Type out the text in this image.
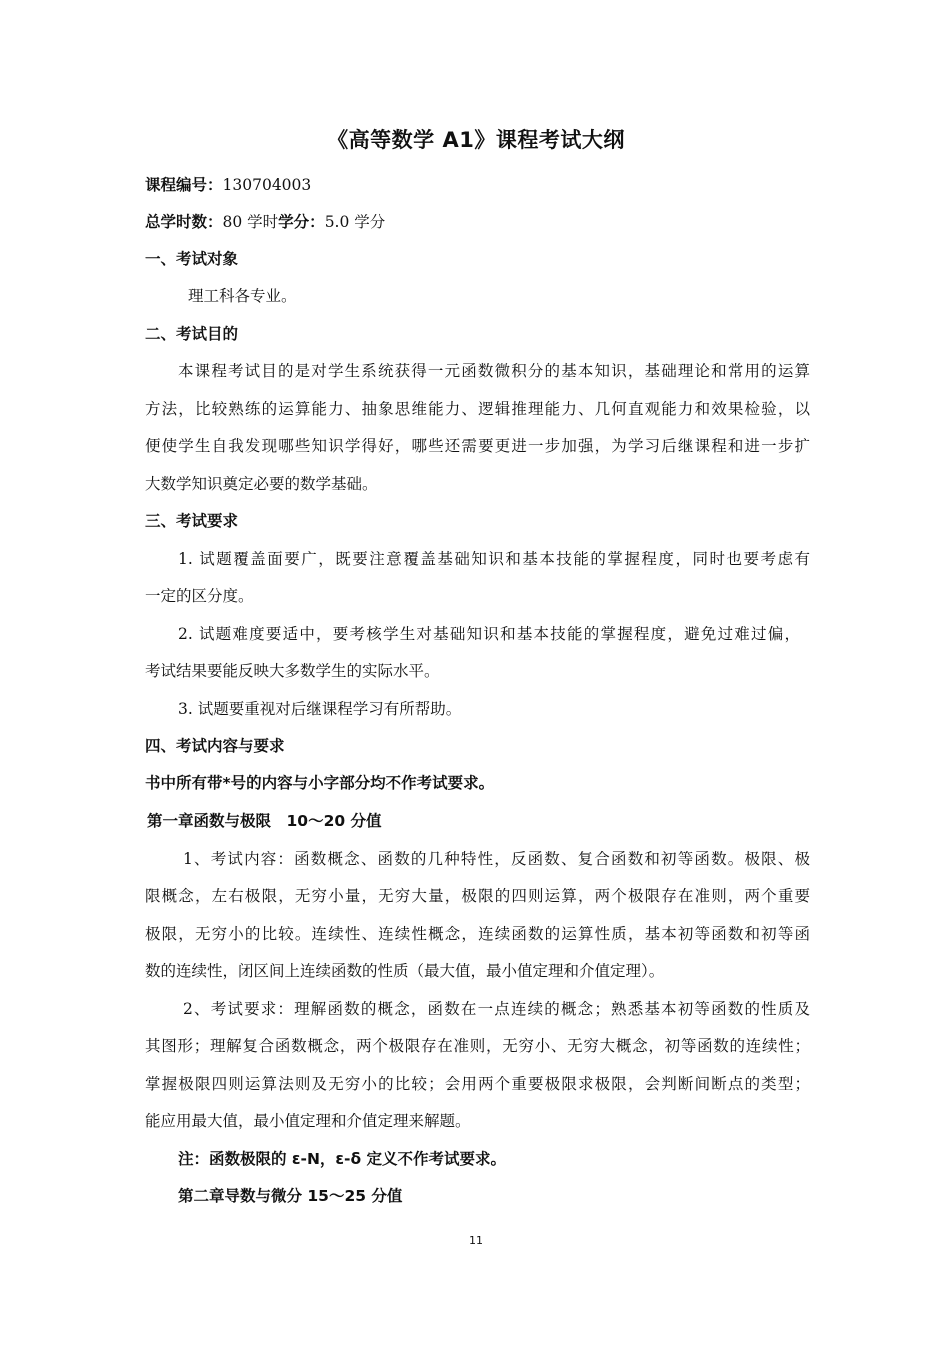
《高等数学 A1》课程考试大纲
课程编号：130704003
总学时数：80 学时学分：5.0 学分
一、考试对象
理工科各专业。
二、考试目的
本课程考试目的是对学生系统获得一元函数微积分的基本知识，基础理论和常用的运算
方法，比较熟练的运算能力、抽象思维能力、逻辑推理能力、几何直观能力和效果检验，以
便使学生自我发现哪些知识学得好，哪些还需要更进一步加强，为学习后继课程和进一步扩
大数学知识奠定必要的数学基础。
三、考试要求
1. 试题覆盖面要广，既要注意覆盖基础知识和基本技能的掌握程度，同时也要考虑有
一定的区分度。
2. 试题难度要适中，要考核学生对基础知识和基本技能的掌握程度，避免过难过偏，
考试结果要能反映大多数学生的实际水平。
3. 试题要重视对后继课程学习有所帮助。
四、考试内容与要求
书中所有带*号的内容与小字部分均不作考试要求。
第一章函数与极限　10～20 分值
1、考试内容：函数概念、函数的几种特性，反函数、复合函数和初等函数。极限、极
限概念，左右极限，无穷小量，无穷大量，极限的四则运算，两个极限存在准则，两个重要
极限，无穷小的比较。连续性、连续性概念，连续函数的运算性质，基本初等函数和初等函
数的连续性，闭区间上连续函数的性质（最大值，最小值定理和介值定理）。
2、考试要求：理解函数的概念，函数在一点连续的概念；熟悉基本初等函数的性质及
其图形；理解复合函数概念，两个极限存在准则，无穷小、无穷大概念，初等函数的连续性；
掌握极限四则运算法则及无穷小的比较；会用两个重要极限求极限，会判断间断点的类型；
能应用最大值，最小值定理和介值定理来解题。
注：函数极限的 ε-N，ε-δ 定义不作考试要求。
第二章导数与微分 15～25 分值
11
